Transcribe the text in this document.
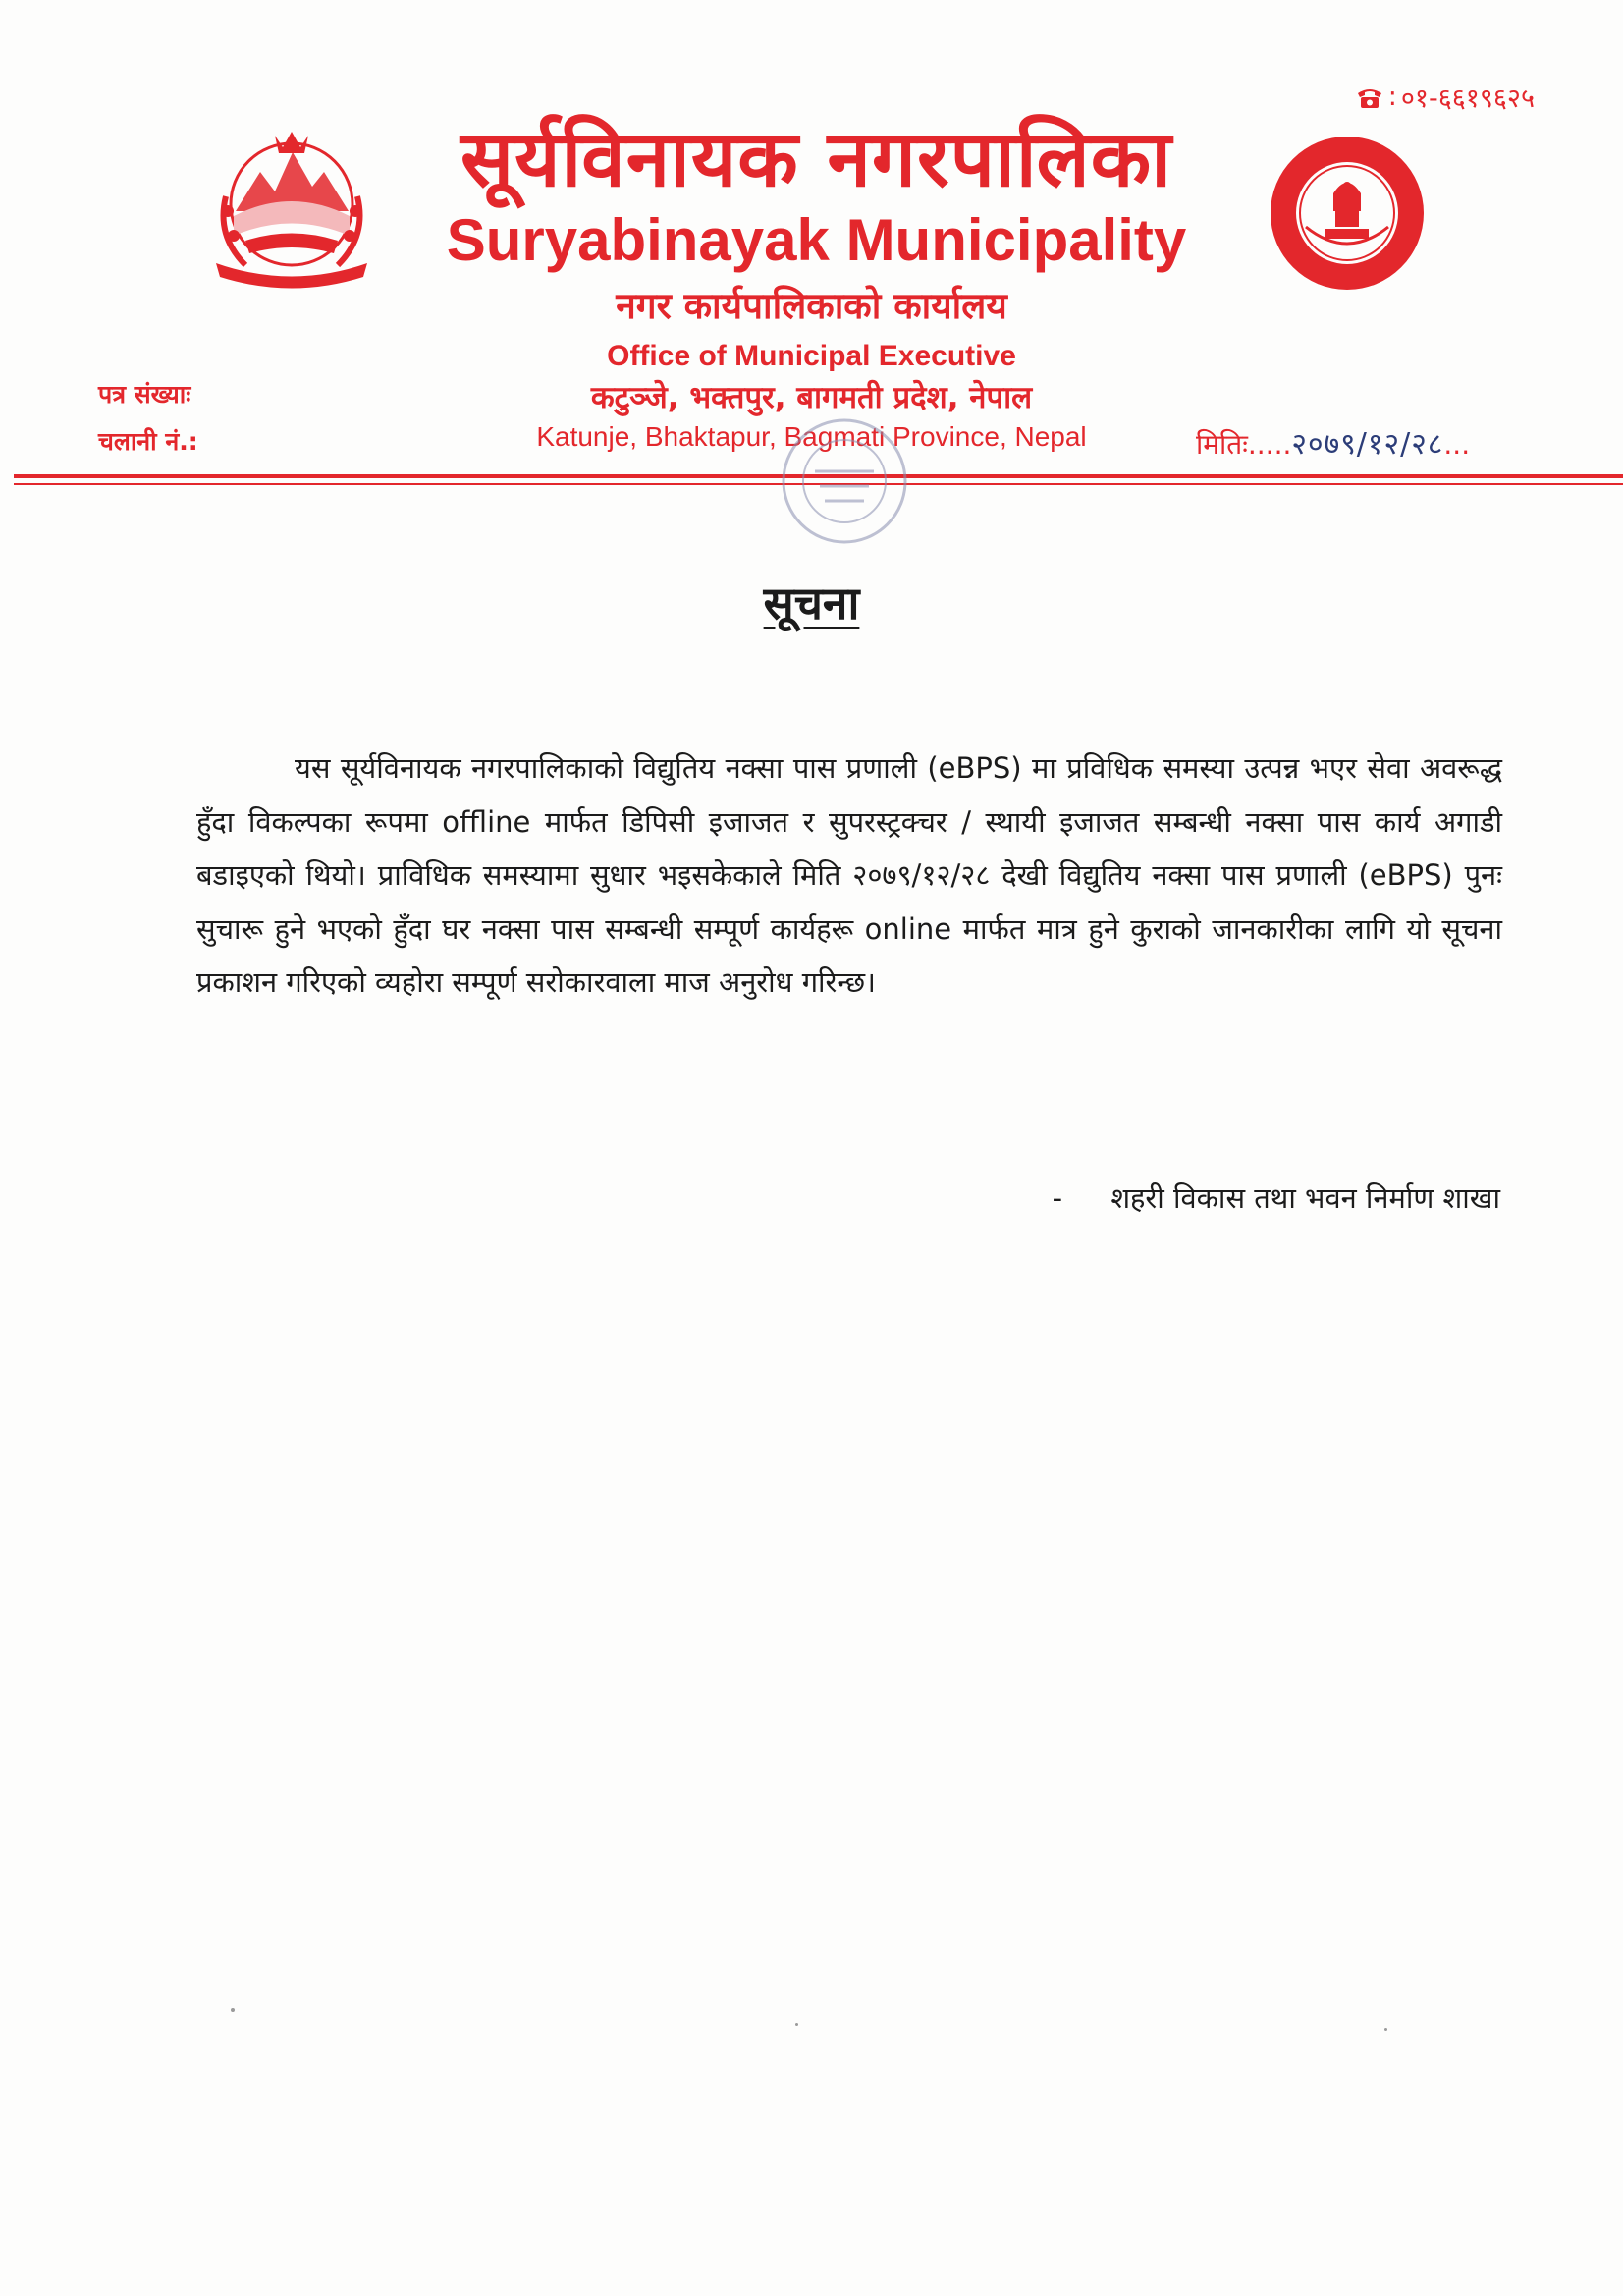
: ०१-६६१९६२५
सूर्यविनायक नगरपालिका
Suryabinayak Municipality
नगर कार्यपालिकाको कार्यालय
Office of Municipal Executive
कटुञ्जे, भक्तपुर, बागमती प्रदेश, नेपाल
Katunje, Bhaktapur, Bagmati Province, Nepal
पत्र संख्याः
चलानी नं.:	मितिः ..... २०७९/१२/२८ ...
सूचना
यस सूर्यविनायक नगरपालिकाको विद्युतिय नक्सा पास प्रणाली (eBPS) मा प्रविधिक समस्या उत्पन्न भएर सेवा अवरूद्ध हुँदा विकल्पका रूपमा offline मार्फत डिपिसी इजाजत र सुपरस्ट्रक्चर / स्थायी इजाजत सम्बन्धी नक्सा पास कार्य अगाडी बडाइएको थियो। प्राविधिक समस्यामा सुधार भइसकेकाले मिति २०७९/१२/२८ देखी विद्युतिय नक्सा पास प्रणाली (eBPS) पुनः सुचारू हुने भएको हुँदा घर नक्सा पास सम्बन्धी सम्पूर्ण कार्यहरू online मार्फत मात्र हुने कुराको जानकारीका लागि यो सूचना प्रकाशन गरिएको व्यहोरा सम्पूर्ण सरोकारवाला माज अनुरोध गरिन्छ।
- शहरी विकास तथा भवन निर्माण शाखा
